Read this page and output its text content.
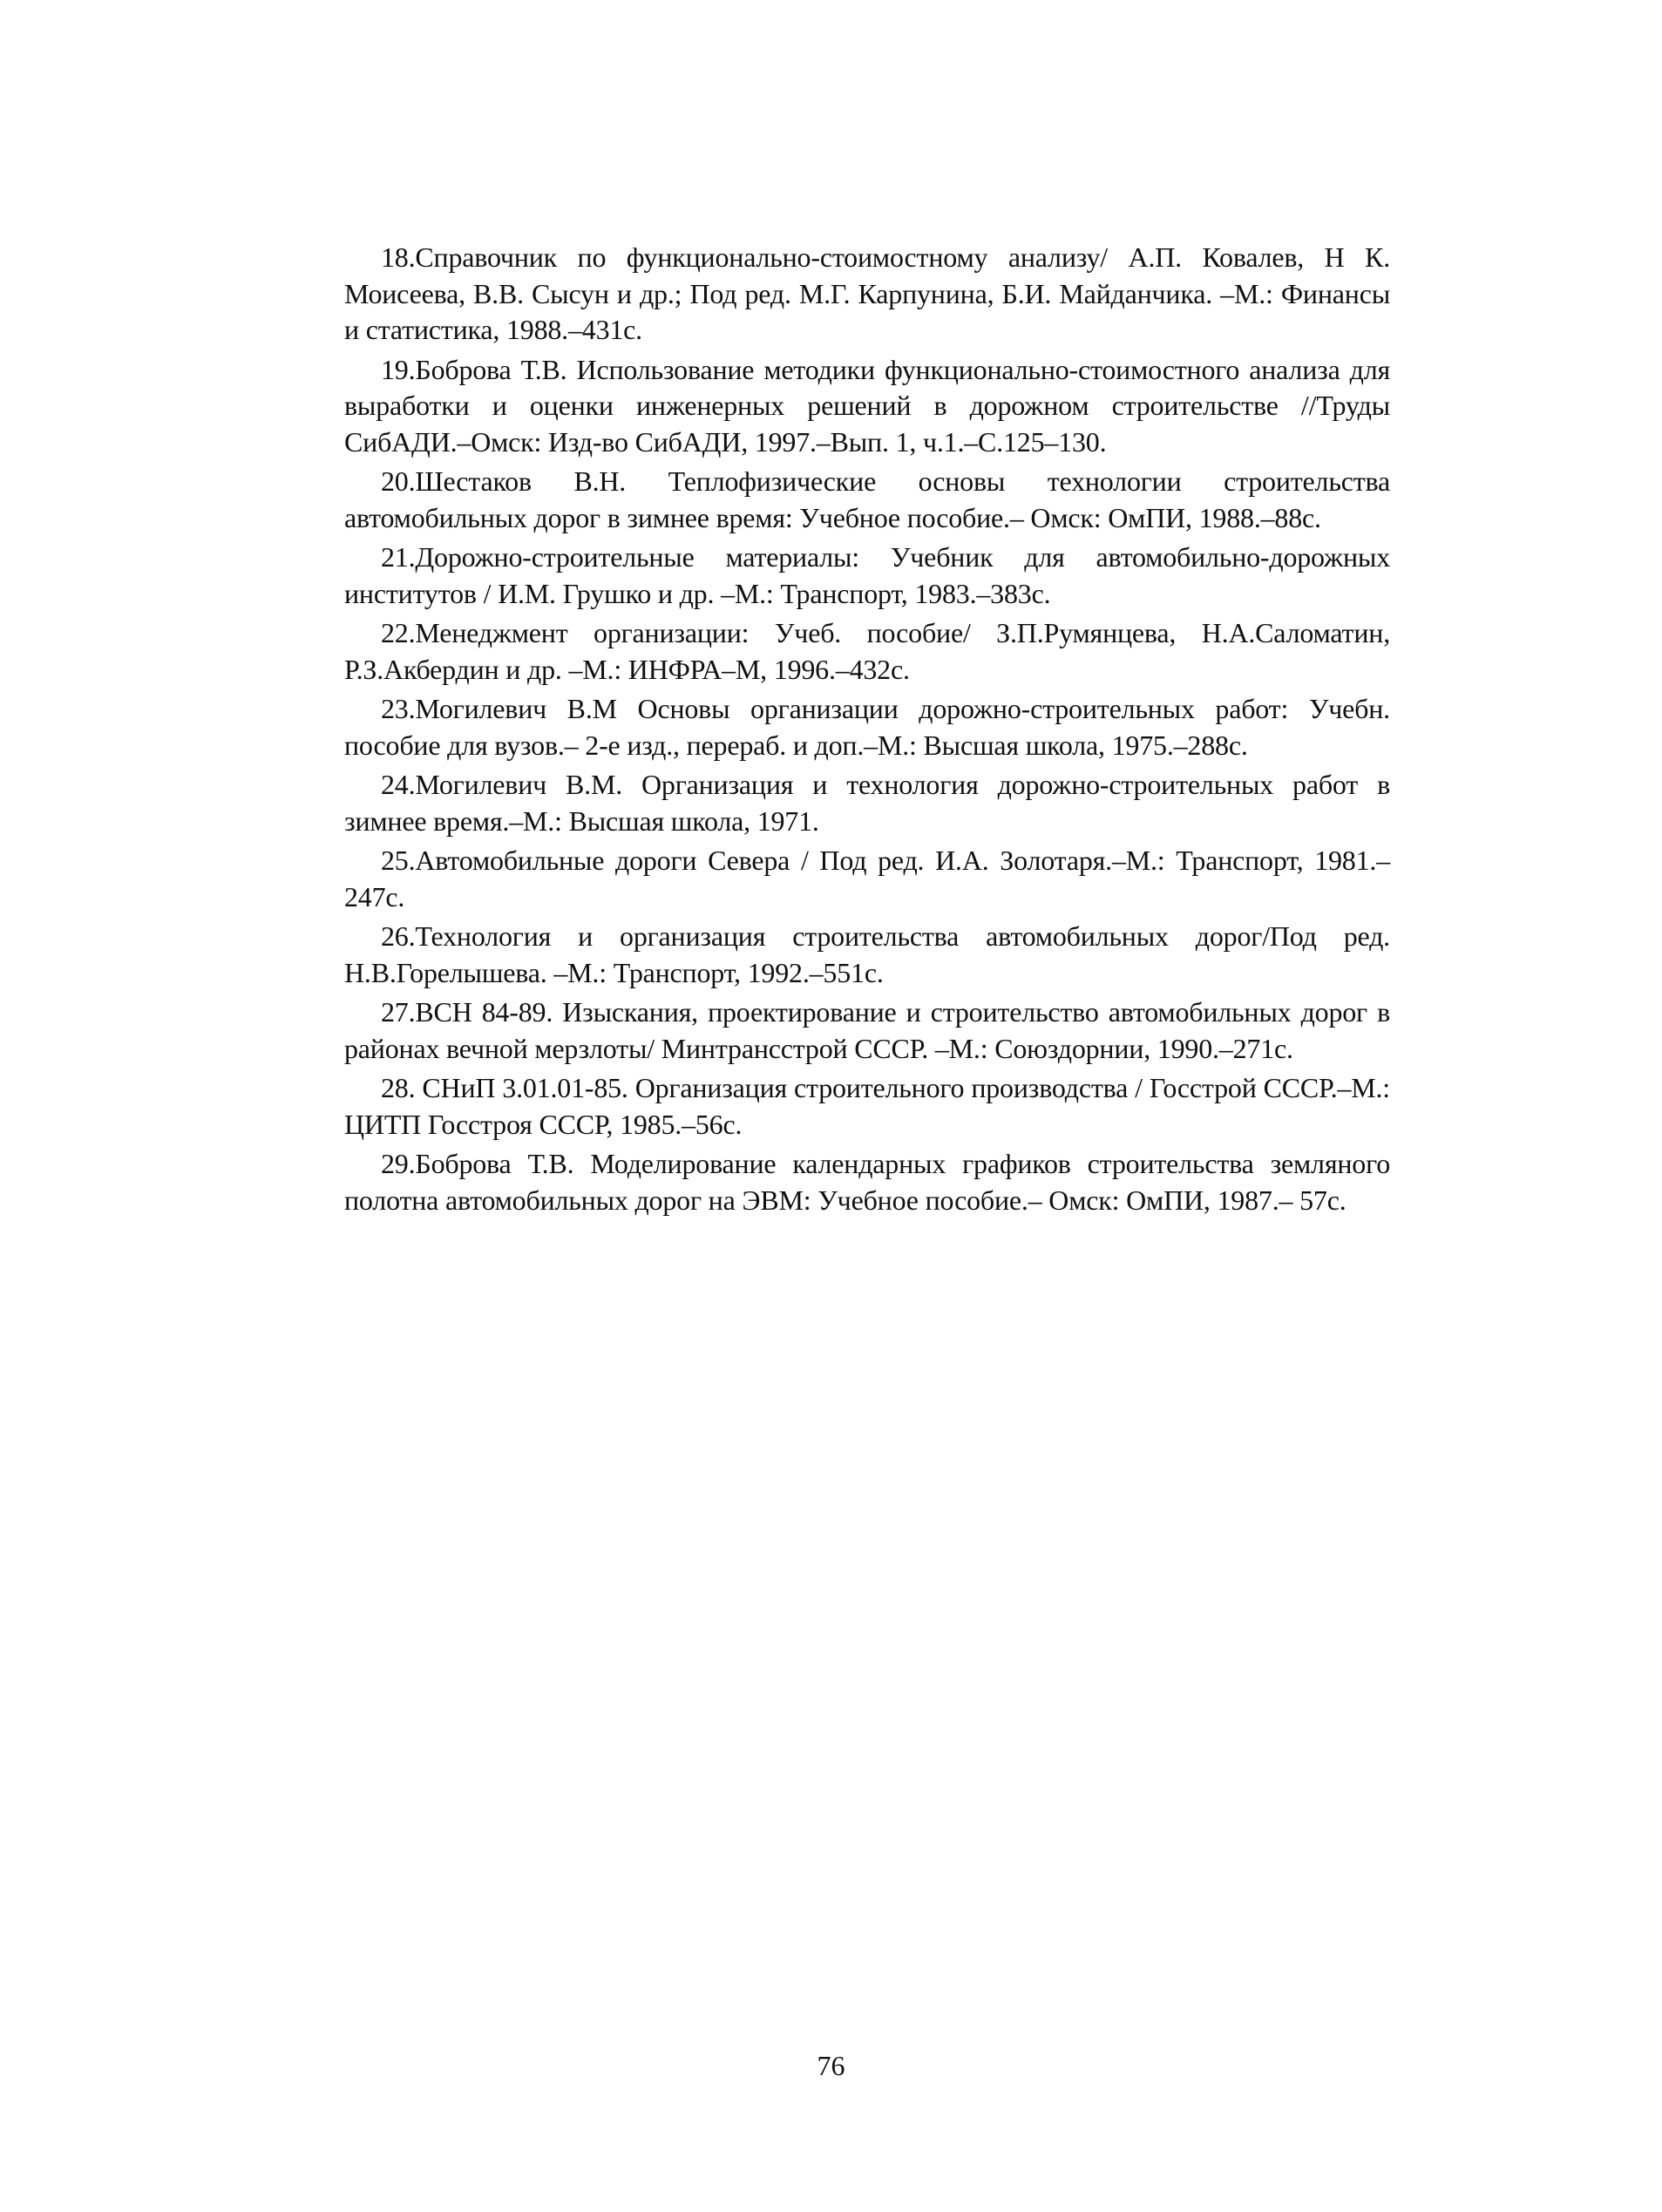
18.Справочник по функционально-стоимостному анализу/ А.П. Ковалев, Н К. Моисеева, В.В. Сысун и др.; Под ред. М.Г. Карпунина, Б.И. Майданчика. –М.: Финансы и статистика, 1988.–431с.
19.Боброва Т.В. Использование методики функционально-стоимостного анализа для выработки и оценки инженерных решений в дорожном строительстве //Труды СибАДИ.–Омск: Изд-во СибАДИ, 1997.–Вып. 1, ч.1.–С.125–130.
20.Шестаков В.Н. Теплофизические основы технологии строительства автомобильных дорог в зимнее время: Учебное пособие.– Омск: ОмПИ, 1988.–88с.
21.Дорожно-строительные материалы: Учебник для автомобильно-дорожных институтов / И.М. Грушко и др. –М.: Транспорт, 1983.–383с.
22.Менеджмент организации: Учеб. пособие/ З.П.Румянцева, Н.А.Саломатин, Р.З.Акбердин и др. –М.: ИНФРА–М, 1996.–432с.
23.Могилевич В.М Основы организации дорожно-строительных работ: Учебн. пособие для вузов.– 2-е изд., перераб. и доп.–М.: Высшая школа, 1975.–288с.
24.Могилевич В.М. Организация и технология дорожно-строительных работ в зимнее время.–М.: Высшая школа, 1971.
25.Автомобильные дороги Севера / Под ред. И.А. Золотаря.–М.: Транспорт, 1981.–247с.
26.Технология и организация строительства автомобильных дорог/Под ред. Н.В.Горелышева. –М.: Транспорт, 1992.–551с.
27.ВСН 84-89. Изыскания, проектирование и строительство автомобильных дорог в районах вечной мерзлоты/ Минтрансстрой СССР. –М.: Союздорнии, 1990.–271с.
28. СНиП 3.01.01-85. Организация строительного производства / Госстрой СССР.–М.: ЦИТП Госстроя СССР, 1985.–56с.
29.Боброва Т.В. Моделирование календарных графиков строительства земляного полотна автомобильных дорог на ЭВМ: Учебное пособие.– Омск: ОмПИ, 1987.– 57с.
76
